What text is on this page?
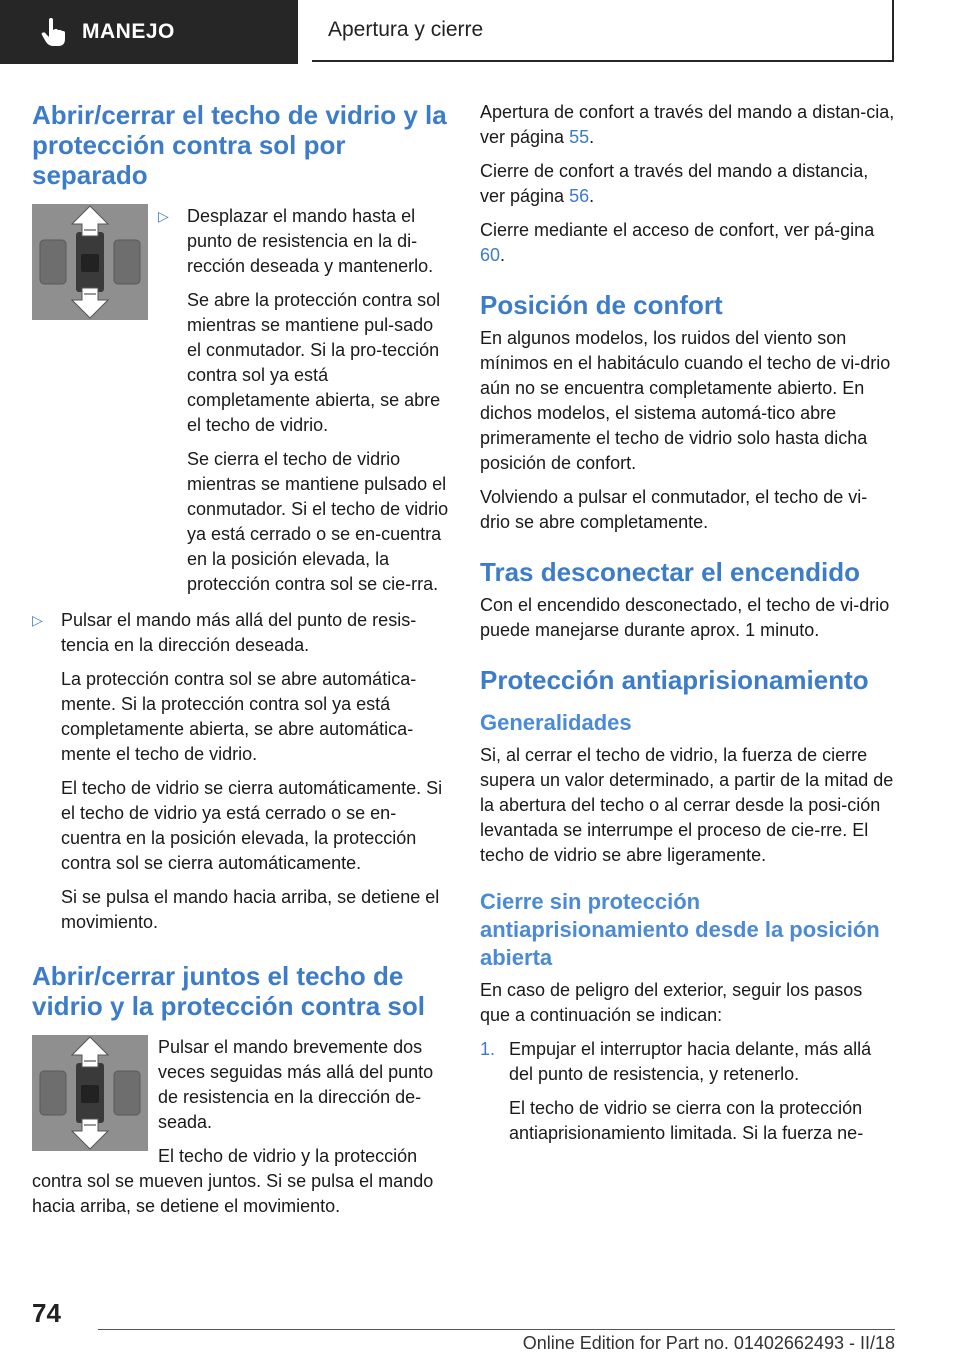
MANEJO	Apertura y cierre
Abrir/cerrar el techo de vidrio y la protección contra sol por separado
▷ Desplazar el mando hasta el punto de resistencia en la di-rección deseada y mantenerlo.

Se abre la protección contra sol mientras se mantiene pul-sado el conmutador. Si la pro-tección contra sol ya está completamente abierta, se abre el techo de vidrio.

Se cierra el techo de vidrio mientras se mantiene pulsado el conmutador. Si el techo de vidrio ya está cerrado o se en-cuentra en la posición elevada, la protección contra sol se cie-rra.

▷ Pulsar el mando más allá del punto de resis-tencia en la dirección deseada.

La protección contra sol se abre automática-mente. Si la protección contra sol ya está completamente abierta, se abre automática-mente el techo de vidrio.

El techo de vidrio se cierra automáticamente. Si el techo de vidrio ya está cerrado o se en-cuentra en la posición elevada, la protección contra sol se cierra automáticamente.

Si se pulsa el mando hacia arriba, se detiene el movimiento.

Abrir/cerrar juntos el techo de vidrio y la protección contra sol

Pulsar el mando brevemente dos veces seguidas más allá del punto de resistencia en la dirección de-seada.

El techo de vidrio y la protección contra sol se mueven juntos. Si se pulsa el mando hacia arriba, se detiene el movimiento.

Apertura de confort a través del mando a distan-cia, ver página 55.

Cierre de confort a través del mando a distancia, ver página 56.

Cierre mediante el acceso de confort, ver pá-gina 60.

Posición de confort

En algunos modelos, los ruidos del viento son mínimos en el habitáculo cuando el techo de vi-drio aún no se encuentra completamente abierto. En dichos modelos, el sistema automá-tico abre primeramente el techo de vidrio solo hasta dicha posición de confort.

Volviendo a pulsar el conmutador, el techo de vi-drio se abre completamente.

Tras desconectar el encendido

Con el encendido desconectado, el techo de vi-drio puede manejarse durante aprox. 1 minuto.

Protección antiaprisionamiento
Generalidades

Si, al cerrar el techo de vidrio, la fuerza de cierre supera un valor determinado, a partir de la mitad de la abertura del techo o al cerrar desde la posi-ción levantada se interrumpe el proceso de cie-rre. El techo de vidrio se abre ligeramente.

Cierre sin protección antiaprisionamiento desde la posición abierta

En caso de peligro del exterior, seguir los pasos que a continuación se indican:

1. Empujar el interruptor hacia delante, más allá del punto de resistencia, y retenerlo.

El techo de vidrio se cierra con la protección antiaprisionamiento limitada. Si la fuerza ne-

74
Online Edition for Part no. 01402662493 - II/18
